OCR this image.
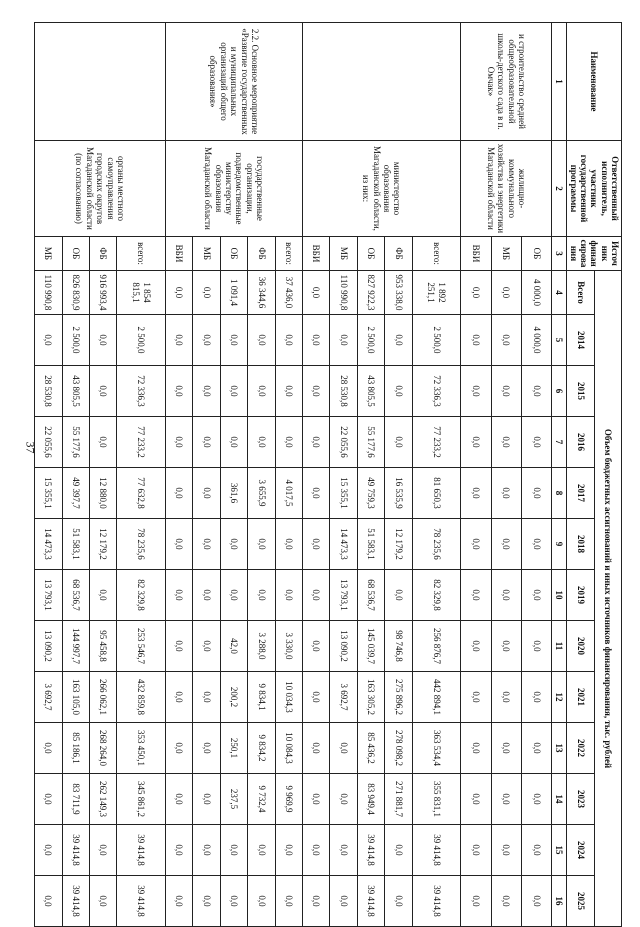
37
Наименование	Ответственный исполнитель, участник государственной программы	Источник финансирования	Объем бюджетных ассигнований и иных источников финансирования, тыс. рублей												
			Всего	2014	2015	2016	2017	2018	2019	2020	2021	2022	2023	2024	2025
1	2	3	4	5	6	7	8	9	10	11	12	13	14	15	16
и строительство средней общеобразовательной школы-детского сада в п. Омчак»	жилищно-коммунального хозяйства и энергетики Магаданской области	ОБ	4 000,0	4 000,0	0,0	0,0	0,0	0,0	0,0	0,0	0,0	0,0	0,0	0,0	0,0
		МБ	0,0	0,0	0,0	0,0	0,0	0,0	0,0	0,0	0,0	0,0	0,0	0,0	0,0
		ВБИ	0,0	0,0	0,0	0,0	0,0	0,0	0,0	0,0	0,0	0,0	0,0	0,0	0,0
	министерство образования Магаданской области, из них:	всего:	1 892 251,1	2 500,0	72 336,3	77 233,2	81 650,3	78 235,6	82 329,8	256 876,7	442 894,1	363 534,4	355 831,1	39 414,8	39 414,8
		ФБ	953 338,0	0,0	0,0	0,0	16 535,9	12 179,2	0,0	98 746,8	275 896,2	278 098,2	271 881,7	0,0	0,0
		ОБ	827 922,3	2 500,0	43 805,5	55 177,6	49 759,3	51 583,1	68 536,7	145 039,7	163 305,2	85 436,2	83 949,4	39 414,8	39 414,8
		МБ	110 990,8	0,0	28 530,8	22 055,6	15 355,1	14 473,3	13 793,1	13 090,2	3 692,7	0,0	0,0	0,0	0,0
		ВБИ	0,0	0,0	0,0	0,0	0,0	0,0	0,0	0,0	0,0	0,0	0,0	0,0	0,0
2.2. Основное мероприятие «Развитие государственных и муниципальных организаций общего образования»	государственные организации, подведомственные министерству образования Магаданской области	всего:	37 436,0	0,0	0,0	0,0	4 017,5	0,0	0,0	3 330,0	10 034,3	10 084,3	9 969,9	0,0	0,0
		ФБ	36 344,6	0,0	0,0	0,0	3 655,9	0,0	0,0	3 288,0	9 834,1	9 834,2	9 732,4	0,0	0,0
		ОБ	1 091,4	0,0	0,0	0,0	361,6	0,0	0,0	42,0	200,2	250,1	237,5	0,0	0,0
		МБ	0,0	0,0	0,0	0,0	0,0	0,0	0,0	0,0	0,0	0,0	0,0	0,0	0,0
		ВБИ	0,0	0,0	0,0	0,0	0,0	0,0	0,0	0,0	0,0	0,0	0,0	0,0	0,0
	органы местного самоуправления городских округов Магаданской области (по согласованию)	всего:	1 854 815,1	2 500,0	72 336,3	77 233,2	77 632,8	78 235,6	82 329,8	253 546,7	432 859,8	353 450,1	345 861,2	39 414,8	39 414,8
		ФБ	916 993,4	0,0	0,0	0,0	12 880,0	12 179,2	0,0	95 458,8	266 062,1	268 264,0	262 149,3	0,0	0,0
		ОБ	826 830,9	2 500,0	43 805,5	55 177,6	49 397,7	51 583,1	68 536,7	144 997,7	163 105,0	85 186,1	83 711,9	39 414,8	39 414,8
		МБ	110 990,8	0,0	28 530,8	22 055,6	15 355,1	14 473,3	13 793,1	13 090,2	3 692,7	0,0	0,0	0,0	0,0
